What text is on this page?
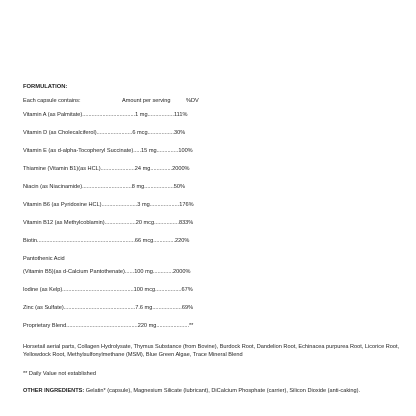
FORMULATION:
Each capsule contains:	Amount per serving	%DV
Vitamin A (as Palmitate)..................................1 mg.................111%
Vitamin D (as Cholecalciferol).......................6 mcg.................30%
Vitamin E (as d-alpha-Tocopheryl Succinate).....15 mg..............100%
Thiamine (Vitamin B1)(as HCL)......................24 mg..............2000%
Niacin (as Niacinamide)................................8 mg...................50%
Vitamin B6 (as Pyridoxine HCL).......................3 mg...................176%
Vitamin B12 (as Methylcoblamin)....................20 mcg................833%
Biotin...............................................................66 mcg..............220%
Pantothenic Acid
(Vitamin B5)(as d-Calcium Pantothenate)......100 mg.............2000%
Iodine (as Kelp)..............................................100 mcg.................67%
Zinc (as Sulfate)..............................................7.6 mg...................69%
Proprietary Blend..............................................220 mg.....................**
Horsetail aerial parts, Collagen Hydrolysate, Thymus Substance (from Bovine), Burdock Root, Dandelion Root, Echinacea purpurea Root, Licorice Root, Yellowdock Root, Methylsulfonylmethane (MSM), Blue Green Algae, Trace Mineral Blend
** Daily Value not established
OTHER INGREDIENTS: Gelatin* (capsule), Magnesium Silicate (lubricant), DiCalcium Phosphate (carrier), Silicon Dioxide (anti-caking).
